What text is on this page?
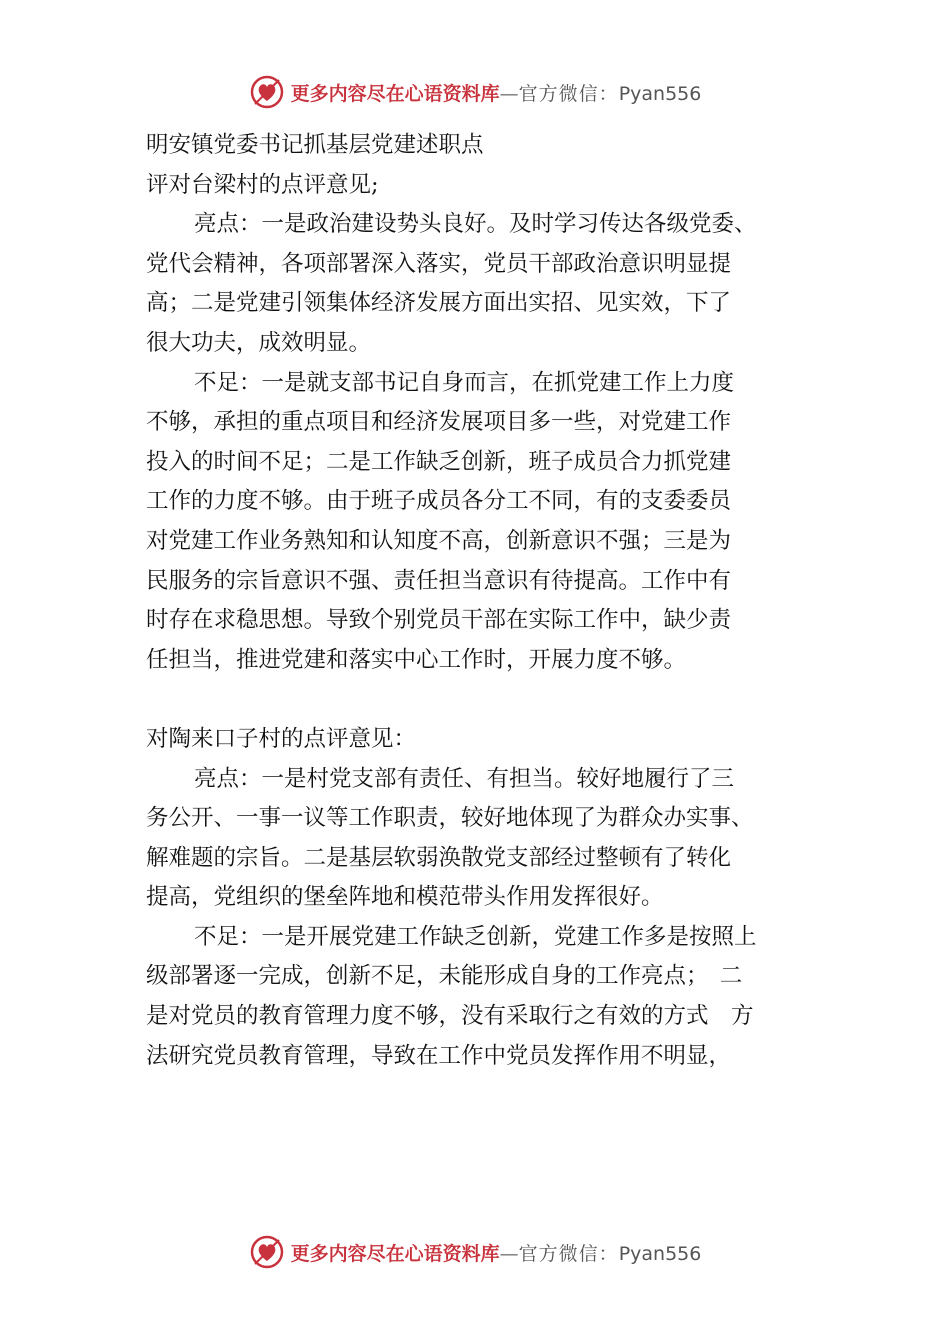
更多内容尽在心语资料库—官方微信：Pyan556

明安镇党委书记抓基层党建述职点

评对台梁村的点评意见;

亮点：一是政治建设势头良好。及时学习传达各级党委、

党代会精神，各项部署深入落实，党员干部政治意识明显提

高；二是党建引领集体经济发展方面出实招、见实效，下了

很大功夫，成效明显。

不足：一是就支部书记自身而言，在抓党建工作上力度

不够，承担的重点项目和经济发展项目多一些，对党建工作

投入的时间不足；二是工作缺乏创新，班子成员合力抓党建

工作的力度不够。由于班子成员各分工不同，有的支委委员

对党建工作业务熟知和认知度不高，创新意识不强；三是为

民服务的宗旨意识不强、责任担当意识有待提高。工作中有

时存在求稳思想。导致个别党员干部在实际工作中，缺少责

任担当，推进党建和落实中心工作时，开展力度不够。

对陶来口子村的点评意见：

亮点：一是村党支部有责任、有担当。较好地履行了三

务公开、一事一议等工作职责，较好地体现了为群众办实事、

解难题的宗旨。二是基层软弱涣散党支部经过整顿有了转化

提高，党组织的堡垒阵地和模范带头作用发挥很好。

不足：一是开展党建工作缺乏创新，党建工作多是按照上

级部署逐一完成，创新不足，未能形成自身的工作亮点；　二

是对党员的教育管理力度不够，没有采取行之有效的方式　方

法研究党员教育管理，导致在工作中党员发挥作用不明显，

更多内容尽在心语资料库—官方微信：Pyan556
